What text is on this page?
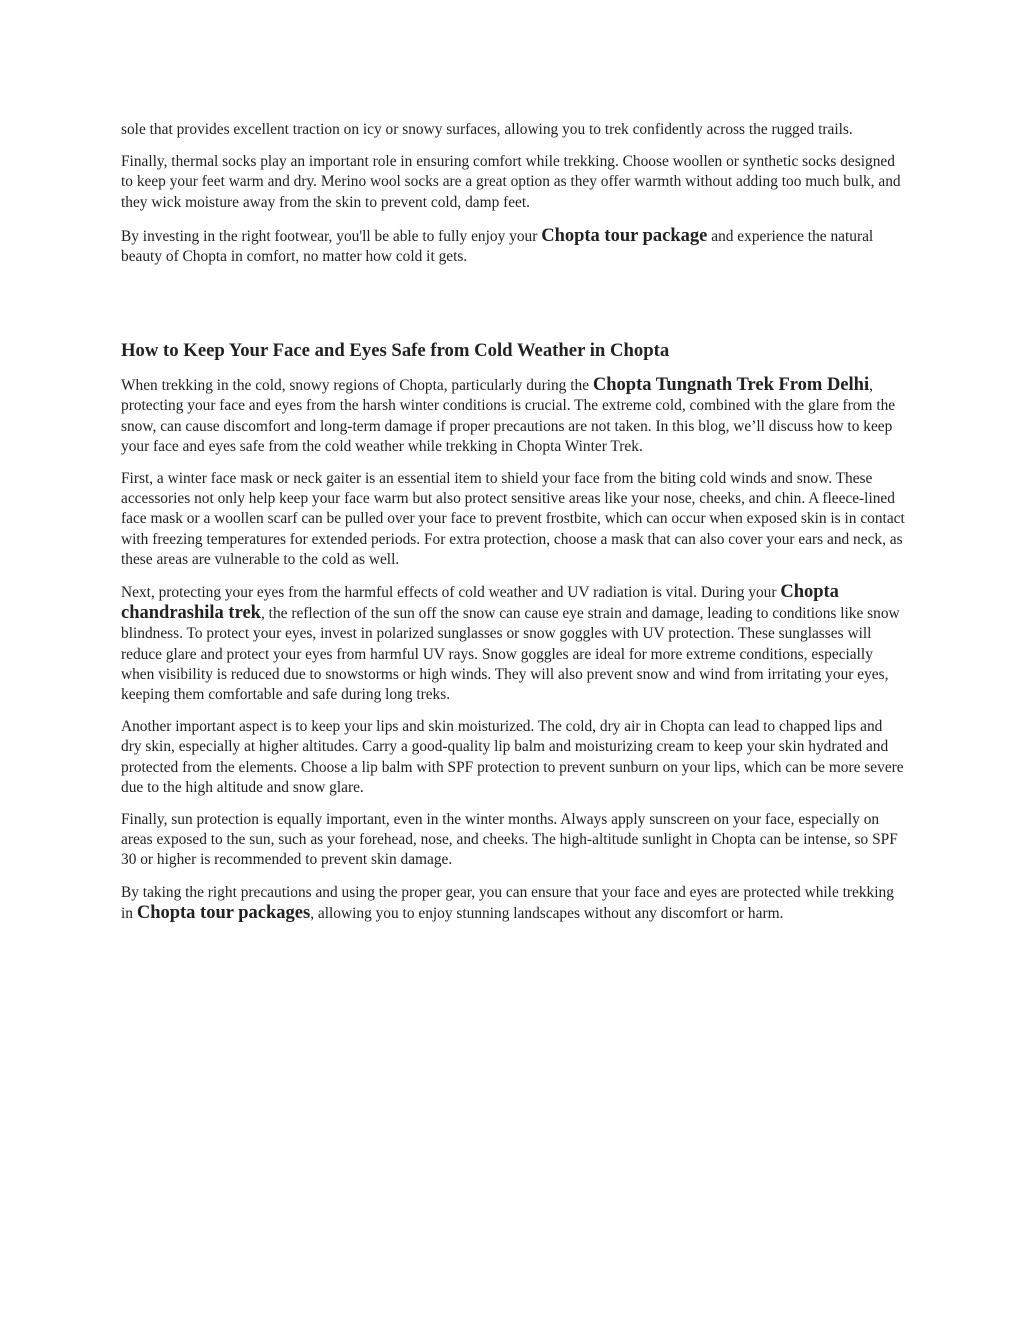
sole that provides excellent traction on icy or snowy surfaces, allowing you to trek confidently across the rugged trails.

Finally, thermal socks play an important role in ensuring comfort while trekking. Choose woollen or synthetic socks designed to keep your feet warm and dry. Merino wool socks are a great option as they offer warmth without adding too much bulk, and they wick moisture away from the skin to prevent cold, damp feet.

By investing in the right footwear, you'll be able to fully enjoy your Chopta tour package and experience the natural beauty of Chopta in comfort, no matter how cold it gets.

How to Keep Your Face and Eyes Safe from Cold Weather in Chopta

When trekking in the cold, snowy regions of Chopta, particularly during the Chopta Tungnath Trek From Delhi, protecting your face and eyes from the harsh winter conditions is crucial. The extreme cold, combined with the glare from the snow, can cause discomfort and long-term damage if proper precautions are not taken. In this blog, we’ll discuss how to keep your face and eyes safe from the cold weather while trekking in Chopta Winter Trek.

First, a winter face mask or neck gaiter is an essential item to shield your face from the biting cold winds and snow. These accessories not only help keep your face warm but also protect sensitive areas like your nose, cheeks, and chin. A fleece-lined face mask or a woollen scarf can be pulled over your face to prevent frostbite, which can occur when exposed skin is in contact with freezing temperatures for extended periods. For extra protection, choose a mask that can also cover your ears and neck, as these areas are vulnerable to the cold as well.

Next, protecting your eyes from the harmful effects of cold weather and UV radiation is vital. During your Chopta chandrashila trek, the reflection of the sun off the snow can cause eye strain and damage, leading to conditions like snow blindness. To protect your eyes, invest in polarized sunglasses or snow goggles with UV protection. These sunglasses will reduce glare and protect your eyes from harmful UV rays. Snow goggles are ideal for more extreme conditions, especially when visibility is reduced due to snowstorms or high winds. They will also prevent snow and wind from irritating your eyes, keeping them comfortable and safe during long treks.

Another important aspect is to keep your lips and skin moisturized. The cold, dry air in Chopta can lead to chapped lips and dry skin, especially at higher altitudes. Carry a good-quality lip balm and moisturizing cream to keep your skin hydrated and protected from the elements. Choose a lip balm with SPF protection to prevent sunburn on your lips, which can be more severe due to the high altitude and snow glare.

Finally, sun protection is equally important, even in the winter months. Always apply sunscreen on your face, especially on areas exposed to the sun, such as your forehead, nose, and cheeks. The high-altitude sunlight in Chopta can be intense, so SPF 30 or higher is recommended to prevent skin damage.

By taking the right precautions and using the proper gear, you can ensure that your face and eyes are protected while trekking in Chopta tour packages, allowing you to enjoy stunning landscapes without any discomfort or harm.
